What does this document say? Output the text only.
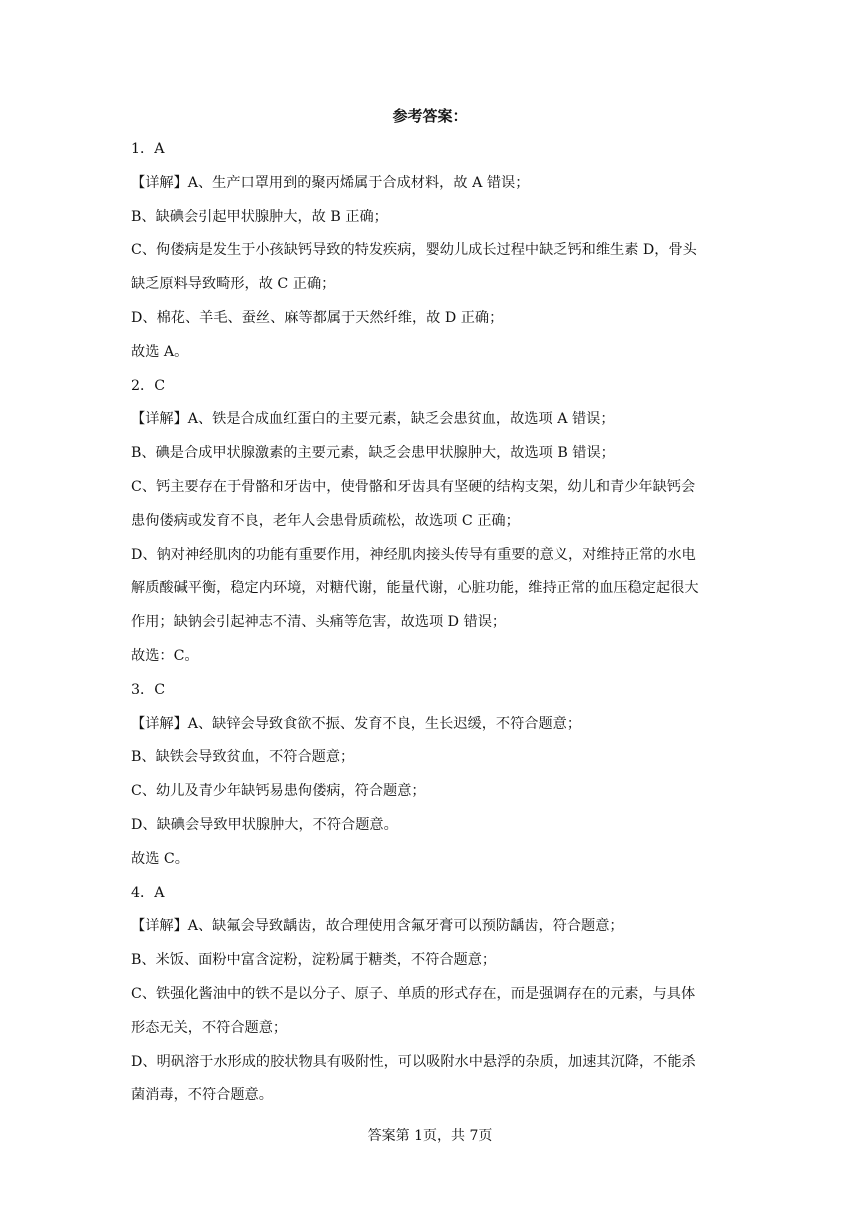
参考答案：
1．A
【详解】A、生产口罩用到的聚丙烯属于合成材料，故 A 错误；
B、缺碘会引起甲状腺肿大，故 B 正确；
C、佝偻病是发生于小孩缺钙导致的特发疾病，婴幼儿成长过程中缺乏钙和维生素 D，骨头
缺乏原料导致畸形，故 C 正确；
D、棉花、羊毛、蚕丝、麻等都属于天然纤维，故 D 正确；
故选 A。
2．C
【详解】A、铁是合成血红蛋白的主要元素，缺乏会患贫血，故选项 A 错误；
B、碘是合成甲状腺激素的主要元素，缺乏会患甲状腺肿大，故选项 B 错误；
C、钙主要存在于骨骼和牙齿中，使骨骼和牙齿具有坚硬的结构支架，幼儿和青少年缺钙会
患佝偻病或发育不良，老年人会患骨质疏松，故选项 C 正确；
D、钠对神经肌肉的功能有重要作用，神经肌肉接头传导有重要的意义，对维持正常的水电
解质酸碱平衡，稳定内环境，对糖代谢，能量代谢，心脏功能，维持正常的血压稳定起很大
作用；缺钠会引起神志不清、头痛等危害，故选项 D 错误；
故选：C。
3．C
【详解】A、缺锌会导致食欲不振、发育不良，生长迟缓，不符合题意；
B、缺铁会导致贫血，不符合题意；
C、幼儿及青少年缺钙易患佝偻病，符合题意；
D、缺碘会导致甲状腺肿大，不符合题意。
故选 C。
4．A
【详解】A、缺氟会导致龋齿，故合理使用含氟牙膏可以预防龋齿，符合题意；
B、米饭、面粉中富含淀粉，淀粉属于糖类，不符合题意；
C、铁强化酱油中的铁不是以分子、原子、单质的形式存在，而是强调存在的元素，与具体
形态无关，不符合题意；
D、明矾溶于水形成的胶状物具有吸附性，可以吸附水中悬浮的杂质，加速其沉降，不能杀
菌消毒，不符合题意。
答案第 1页，共 7页
